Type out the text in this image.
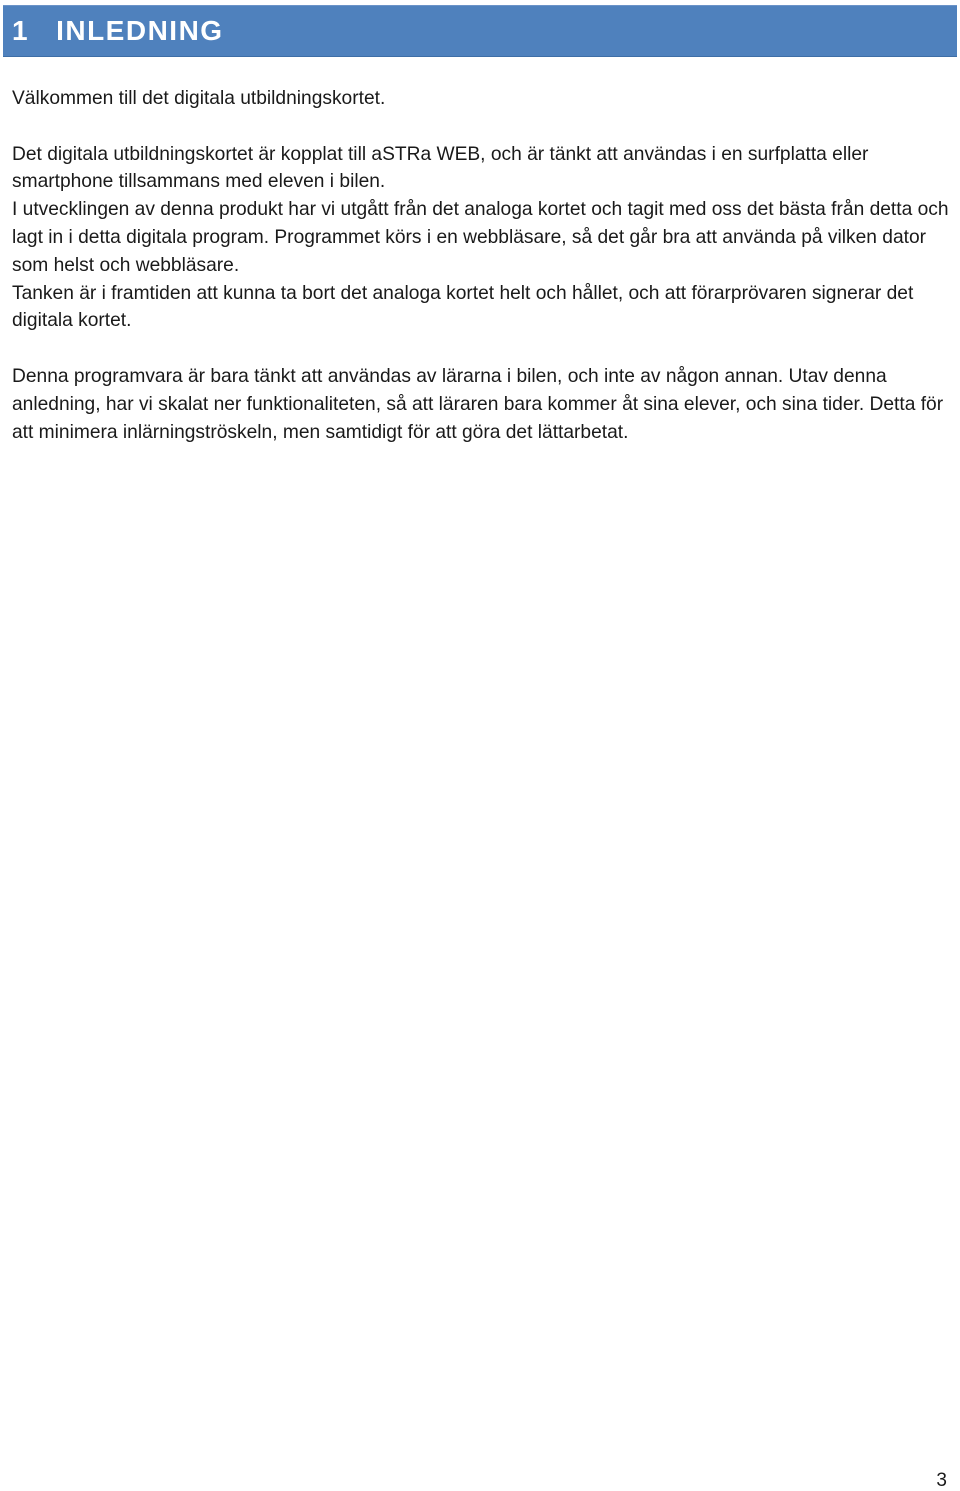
1 INLEDNING

Välkommen till det digitala utbildningskortet.

Det digitala utbildningskortet är kopplat till aSTRa WEB, och är tänkt att användas i en surfplatta eller smartphone tillsammans med eleven i bilen.

I utvecklingen av denna produkt har vi utgått från det analoga kortet och tagit med oss det bästa från detta och lagt in i detta digitala program. Programmet körs i en webbläsare, så det går bra att använda på vilken dator som helst och webbläsare.

Tanken är i framtiden att kunna ta bort det analoga kortet helt och hållet, och att förarprövaren signerar det digitala kortet.

Denna programvara är bara tänkt att användas av lärarna i bilen, och inte av någon annan. Utav denna anledning, har vi skalat ner funktionaliteten, så att läraren bara kommer åt sina elever, och sina tider. Detta för att minimera inlärningströskeln, men samtidigt för att göra det lättarbetat.

3
